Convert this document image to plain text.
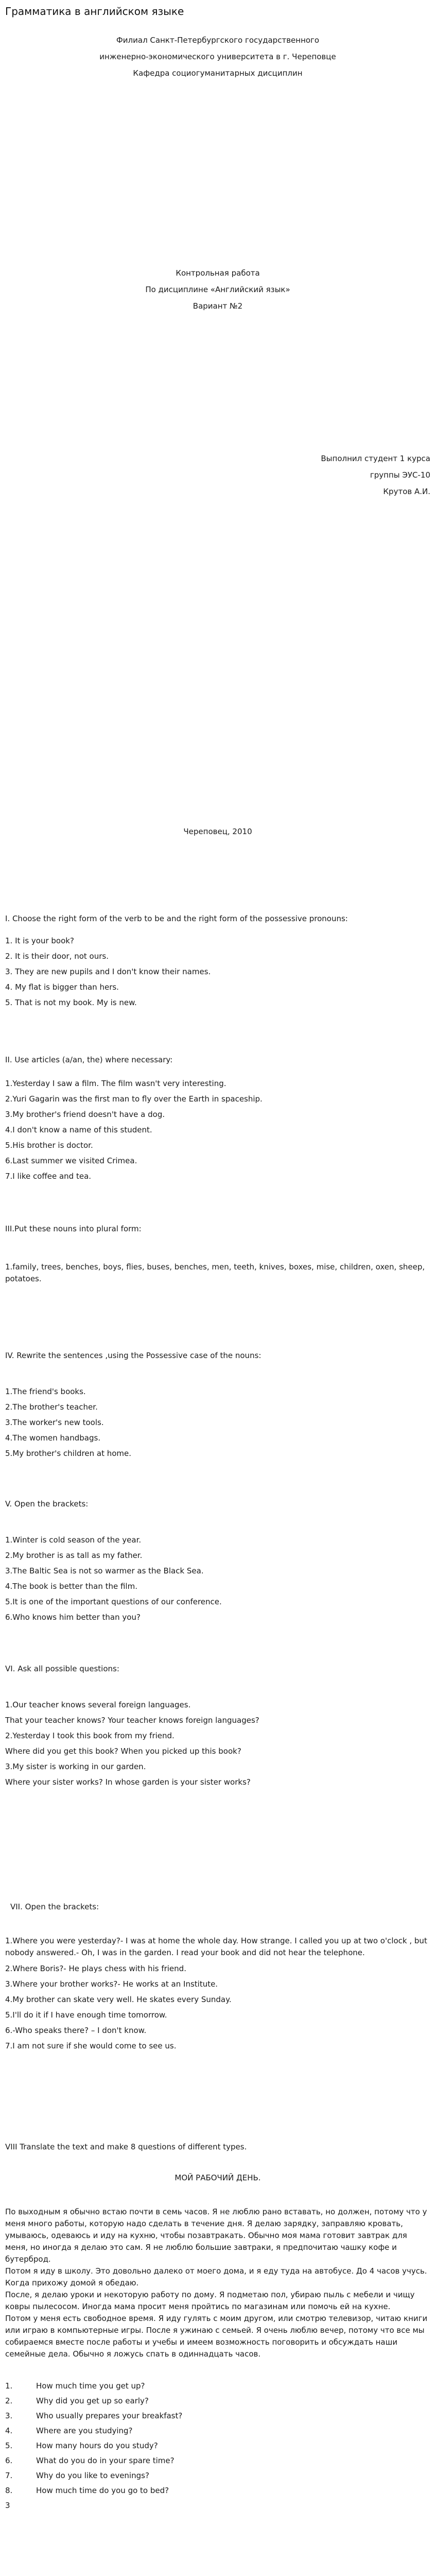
Грамматика в английском языке
Филиал Санкт-Петербургского государственного
инженерно-экономического университета в г. Череповце
Кафедра социогуманитарных дисциплин
Контрольная работа
По дисциплине «Английский язык»
Вариант №2
Выполнил студент 1 курса
группы ЭУС-10
Крутов А.И.
Череповец, 2010
I. Choose the right form of the verb to be and the right form of the possessive pronouns:
1. It is your book?
2. It is their door, not ours.
3. They are new pupils and I don't know their names.
4. My flat is bigger than hers.
5. That is not my book. My is new.
II. Use articles (a/an, the) where necessary:
1.Yesterday I saw a film. The film wasn't very interesting.
2.Yuri Gagarin was the first man to fly over the Earth in spaceship.
3.My brother's friend doesn't have a dog.
4.I don't know a name of this student.
5.His brother is doctor.
6.Last summer we visited Crimea.
7.I like coffee and tea.
III.Put these nouns into plural form:
1.family, trees, benches, boys, flies, buses, benches, men, teeth, knives, boxes, mise, children, oxen, sheep, potatoes.
IV. Rewrite the sentences ,using the Possessive case of the nouns:
1.The friend's books.
2.The brother's teacher.
3.The worker's new tools.
4.The women handbags.
5.My brother's children at home.
V. Open the brackets:
1.Winter is cold season of the year.
2.My brother is as tall as my father.
3.The Baltic Sea is not so warmer as the Black Sea.
4.The book is better than the film.
5.It is one of the important questions of our conference.
6.Who knows him better than you?
VI. Ask all possible questions:
1.Our teacher knows several foreign languages.
That your teacher knows? Your teacher knows foreign languages?
2.Yesterday I took this book from my friend.
Where did you get this book? When you picked up this book?
3.My sister is working in our garden.
Where your sister works? In whose garden is your sister works?
VII. Open the brackets:
1.Where you were yesterday?- I was at home the whole day. How strange. I called you up at two o'clock , but nobody answered.- Oh, I was in the garden. I read your book and did not hear the telephone.
2.Where Boris?- He plays chess with his friend.
3.Where your brother works?- He works at an Institute.
4.My brother can skate very well. He skates every Sunday.
5.I'll do it if I have enough time tomorrow.
6.-Who speaks there? – I don't know.
7.I am not sure if she would come to see us.
VIII Translate the text and make 8 questions of different types.
МОЙ РАБОЧИЙ ДЕНЬ.
По выходным я обычно встаю почти в семь часов. Я не люблю рано вставать, но должен, потому что у меня много работы, которую надо сделать в течение дня. Я делаю зарядку, заправляю кровать, умываюсь, одеваюсь и иду на кухню, чтобы позавтракать. Обычно моя мама готовит завтрак для меня, но иногда я делаю это сам. Я не люблю большие завтраки, я предпочитаю чашку кофе и бутерброд.
Потом я иду в школу. Это довольно далеко от моего дома, и я еду туда на автобусе. До 4 часов учусь. Когда прихожу домой я обедаю.
После, я делаю уроки и некоторую работу по дому. Я подметаю пол, убираю пыль с мебели и чищу ковры пылесосом. Иногда мама просит меня пройтись по магазинам или помочь ей на кухне.
Потом у меня есть свободное время. Я иду гулять с моим другом, или смотрю телевизор, читаю книги или играю в компьютерные игры. После я ужинаю с семьей. Я очень люблю вечер, потому что все мы собираемся вместе после работы и учебы и имеем возможность поговорить и обсуждать наши семейные дела. Обычно я ложусь спать в одиннадцать часов.
1.	How much time you get up?
2.	Why did you get up so early?
3.	Who usually prepares your breakfast?
4.	Where are you studying?
5.	How many hours do you study?
6.	What do you do in your spare time?
7.	Why do you like to evenings?
8.	How much time do you go to bed?
3
